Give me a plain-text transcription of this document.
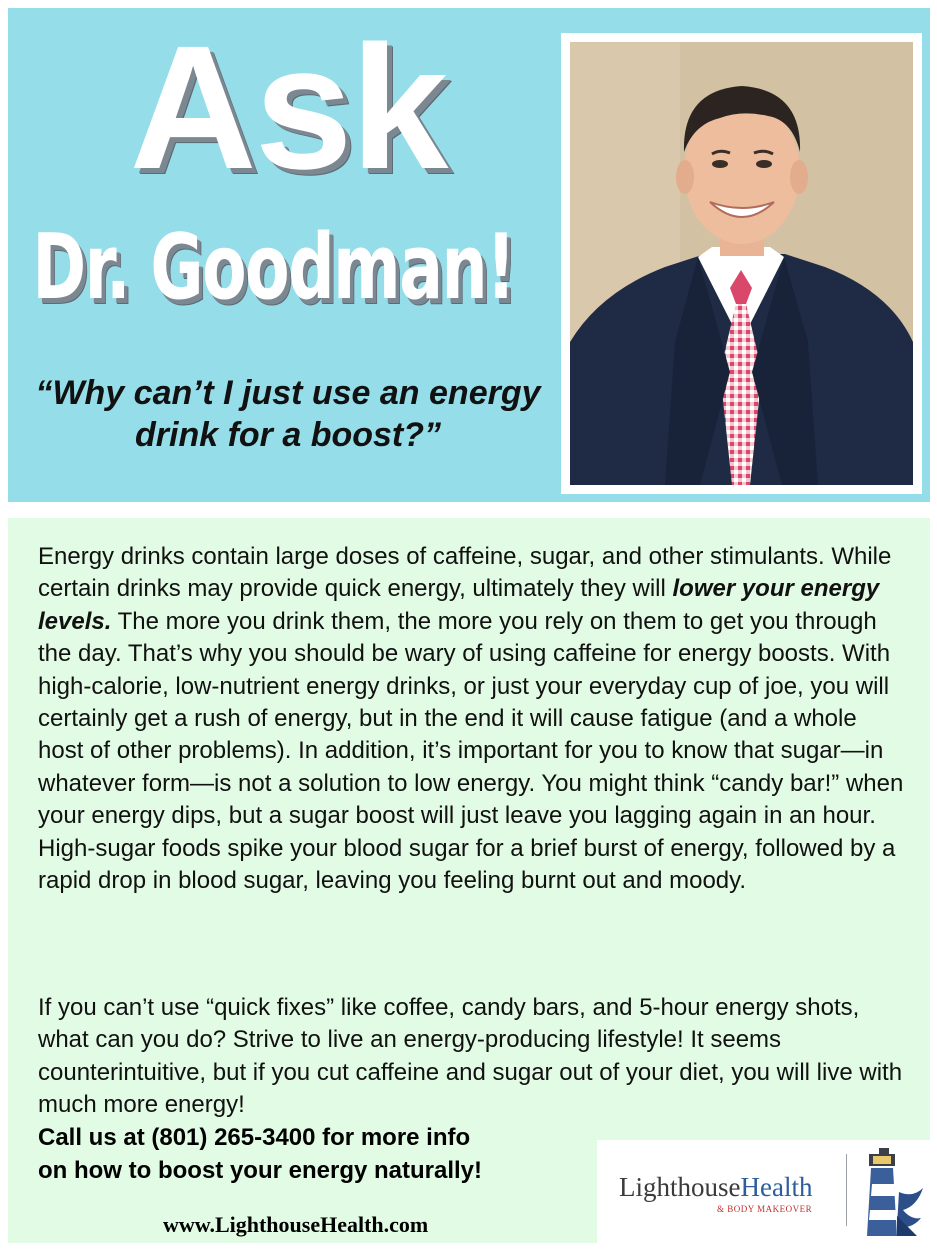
Ask
Dr. Goodman!
“Why can’t I just use an energy drink for a boost?”

Energy drinks contain large doses of caffeine, sugar, and other stimulants. While certain drinks may provide quick energy, ultimately they will lower your energy levels. The more you drink them, the more you rely on them to get you through the day. That’s why you should be wary of using caffeine for energy boosts. With high-calorie, low-nutrient energy drinks, or just your everyday cup of joe, you will certainly get a rush of energy, but in the end it will cause fatigue (and a whole host of other problems). In addition, it’s important for you to know that sugar—in whatever form—is not a solution to low energy. You might think “candy bar!” when your energy dips, but a sugar boost will just leave you lagging again in an hour. High-sugar foods spike your blood sugar for a brief burst of energy, followed by a rapid drop in blood sugar, leaving you feeling burnt out and moody.

If you can’t use “quick fixes” like coffee, candy bars, and 5-hour energy shots, what can you do? Strive to live an energy-producing lifestyle! It seems counterintuitive, but if you cut caffeine and sugar out of your diet, you will live with much more energy!

Call us at (801) 265-3400 for more info
on how to boost your energy naturally!

www.LighthouseHealth.com
LighthouseHealth
& BODY MAKEOVER
